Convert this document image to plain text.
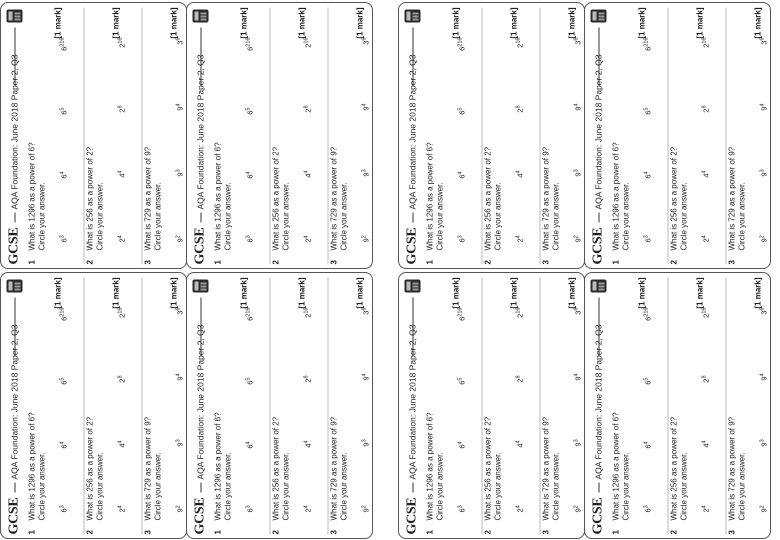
GCSE
AQA Foundation: June 2018 Paper 2, Q3
1
What is 1296 as a power of 6? Circle your answer. $6^3$
$6^4$
$6^5$
$6^{216}$
[1 mark]
2
What is 256 as a power of 2? Circle your answer. $2^4$
$4^4$
$2^8$
$2^{16}$
[1 mark]
3
What is 729 as a power of 9? Circle your answer. $9^2$
$9^3$
$9^4$
$3^6$
[1 mark]
GCSE
AQA Foundation: June 2018 Paper 2, Q3
1
What is 1296 as a power of 6? Circle your answer. $6^3$
$6^4$
$6^5$
$6^{216}$
[1 mark]
2
What is 256 as a power of 2? Circle your answer. $2^4$
$4^4$
$2^8$
$2^{16}$
[1 mark]
3
What is 729 as a power of 9? Circle your answer. $9^2$
$9^3$
$9^4$
$3^6$
[1 mark]
GCSE
AQA Foundation: June 2018 Paper 2, Q3
1
What is 1296 as a power of 6? Circle your answer. $6^3$
$6^4$
$6^5$
$6^{216}$
[1 mark]
2
What is 256 as a power of 2? Circle your answer. $2^4$
$4^4$
$2^8$
$2^{16}$
[1 mark]
3
What is 729 as a power of 9? Circle your answer. $9^2$
$9^3$
$9^4$
$3^6$
[1 mark]
GCSE
AQA Foundation: June 2018 Paper 2, Q3
1
What is 1296 as a power of 6? Circle your answer. $6^3$
$6^4$
$6^5$
$6^{216}$
[1 mark]
2
What is 256 as a power of 2? Circle your answer. $2^4$
$4^4$
$2^8$
$2^{16}$
[1 mark]
3
What is 729 as a power of 9? Circle your answer. $9^2$
$9^3$
$9^4$
$3^6$
[1 mark]
GCSE
AQA Foundation: June 2018 Paper 2, Q3
1
What is 1296 as a power of 6? Circle your answer. $6^3$
$6^4$
$6^5$
$6^{216}$
[1 mark]
2
What is 256 as a power of 2? Circle your answer. $2^4$
$4^4$
$2^8$
$2^{16}$
[1 mark]
3
What is 729 as a power of 9? Circle your answer. $9^2$
$9^3$
$9^4$
$3^6$
[1 mark]
GCSE
AQA Foundation: June 2018 Paper 2, Q3
1
What is 1296 as a power of 6? Circle your answer. $6^3$
$6^4$
$6^5$
$6^{216}$
[1 mark]
2
What is 256 as a power of 2? Circle your answer. $2^4$
$4^4$
$2^8$
$2^{16}$
[1 mark]
3
What is 729 as a power of 9? Circle your answer. $9^2$
$9^3$
$9^4$
$3^6$
[1 mark]
GCSE
AQA Foundation: June 2018 Paper 2, Q3
1
What is 1296 as a power of 6? Circle your answer. $6^3$
$6^4$
$6^5$
$6^{216}$
[1 mark]
2
What is 256 as a power of 2? Circle your answer. $2^4$
$4^4$
$2^8$
$2^{16}$
[1 mark]
3
What is 729 as a power of 9? Circle your answer. $9^2$
$9^3$
$9^4$
$3^6$
[1 mark]
GCSE
AQA Foundation: June 2018 Paper 2, Q3
1
What is 1296 as a power of 6? Circle your answer. $6^3$
$6^4$
$6^5$
$6^{216}$
[1 mark]
2
What is 256 as a power of 2? Circle your answer. $2^4$
$4^4$
$2^8$
$2^{16}$
[1 mark]
3
What is 729 as a power of 9? Circle your answer. $9^2$
$9^3$
$9^4$
$3^6$
[1 mark]
